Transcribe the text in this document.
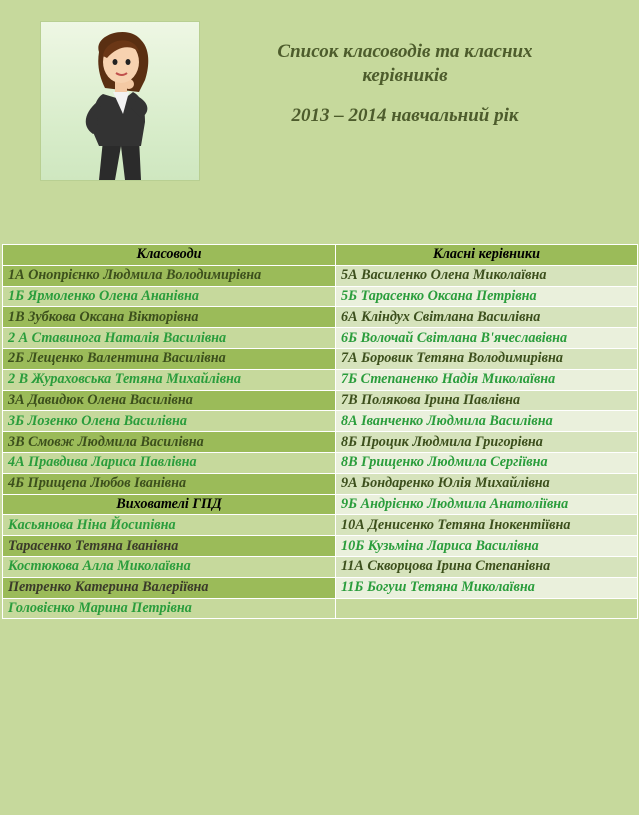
Список класоводів та класних
керівників
2013 – 2014 навчальний рік
Класоводи	Класні керівники
1А Онопрієнко Людмила Володимирівна	5А Василенко Олена Миколаївна
1Б Ярмоленко Олена Ананівна	5Б Тарасенко Оксана Петрівна
1В Зубкова Оксана Вікторівна	6А Кліндух Світлана Василівна
2 А Ставинога Наталія Василівна	6Б Волочай Світлана В'ячеславівна
2Б Лещенко Валентина Василівна	7А Боровик Тетяна Володимирівна
2 В Жураховська Тетяна Михайлівна	7Б Степаненко Надія Миколаївна
3А Давидюк Олена Василівна	7В Полякова Ірина Павлівна
3Б Лозенко Олена Василівна	8А Іванченко Людмила Василівна
3В Смовж Людмила Василівна	8Б Процик Людмила Григорівна
4А Правдива Лариса Павлівна	8В Грищенко Людмила Сергіївна
4Б Прищепа Любов Іванівна	9А Бондаренко Юлія Михайлівна
Вихователі ГПД	9Б Андрієнко Людмила Анатоліївна
Касьянова Ніна Йосипівна	10А Денисенко Тетяна Інокентіївна
Тарасенко Тетяна Іванівна	10Б Кузьміна Лариса Василівна
Костюкова Алла Миколаївна	11А Скворцова Ірина Степанівна
Петренко Катерина Валеріївна	11Б Богуш Тетяна Миколаївна
Головієнко Марина Петрівна	
